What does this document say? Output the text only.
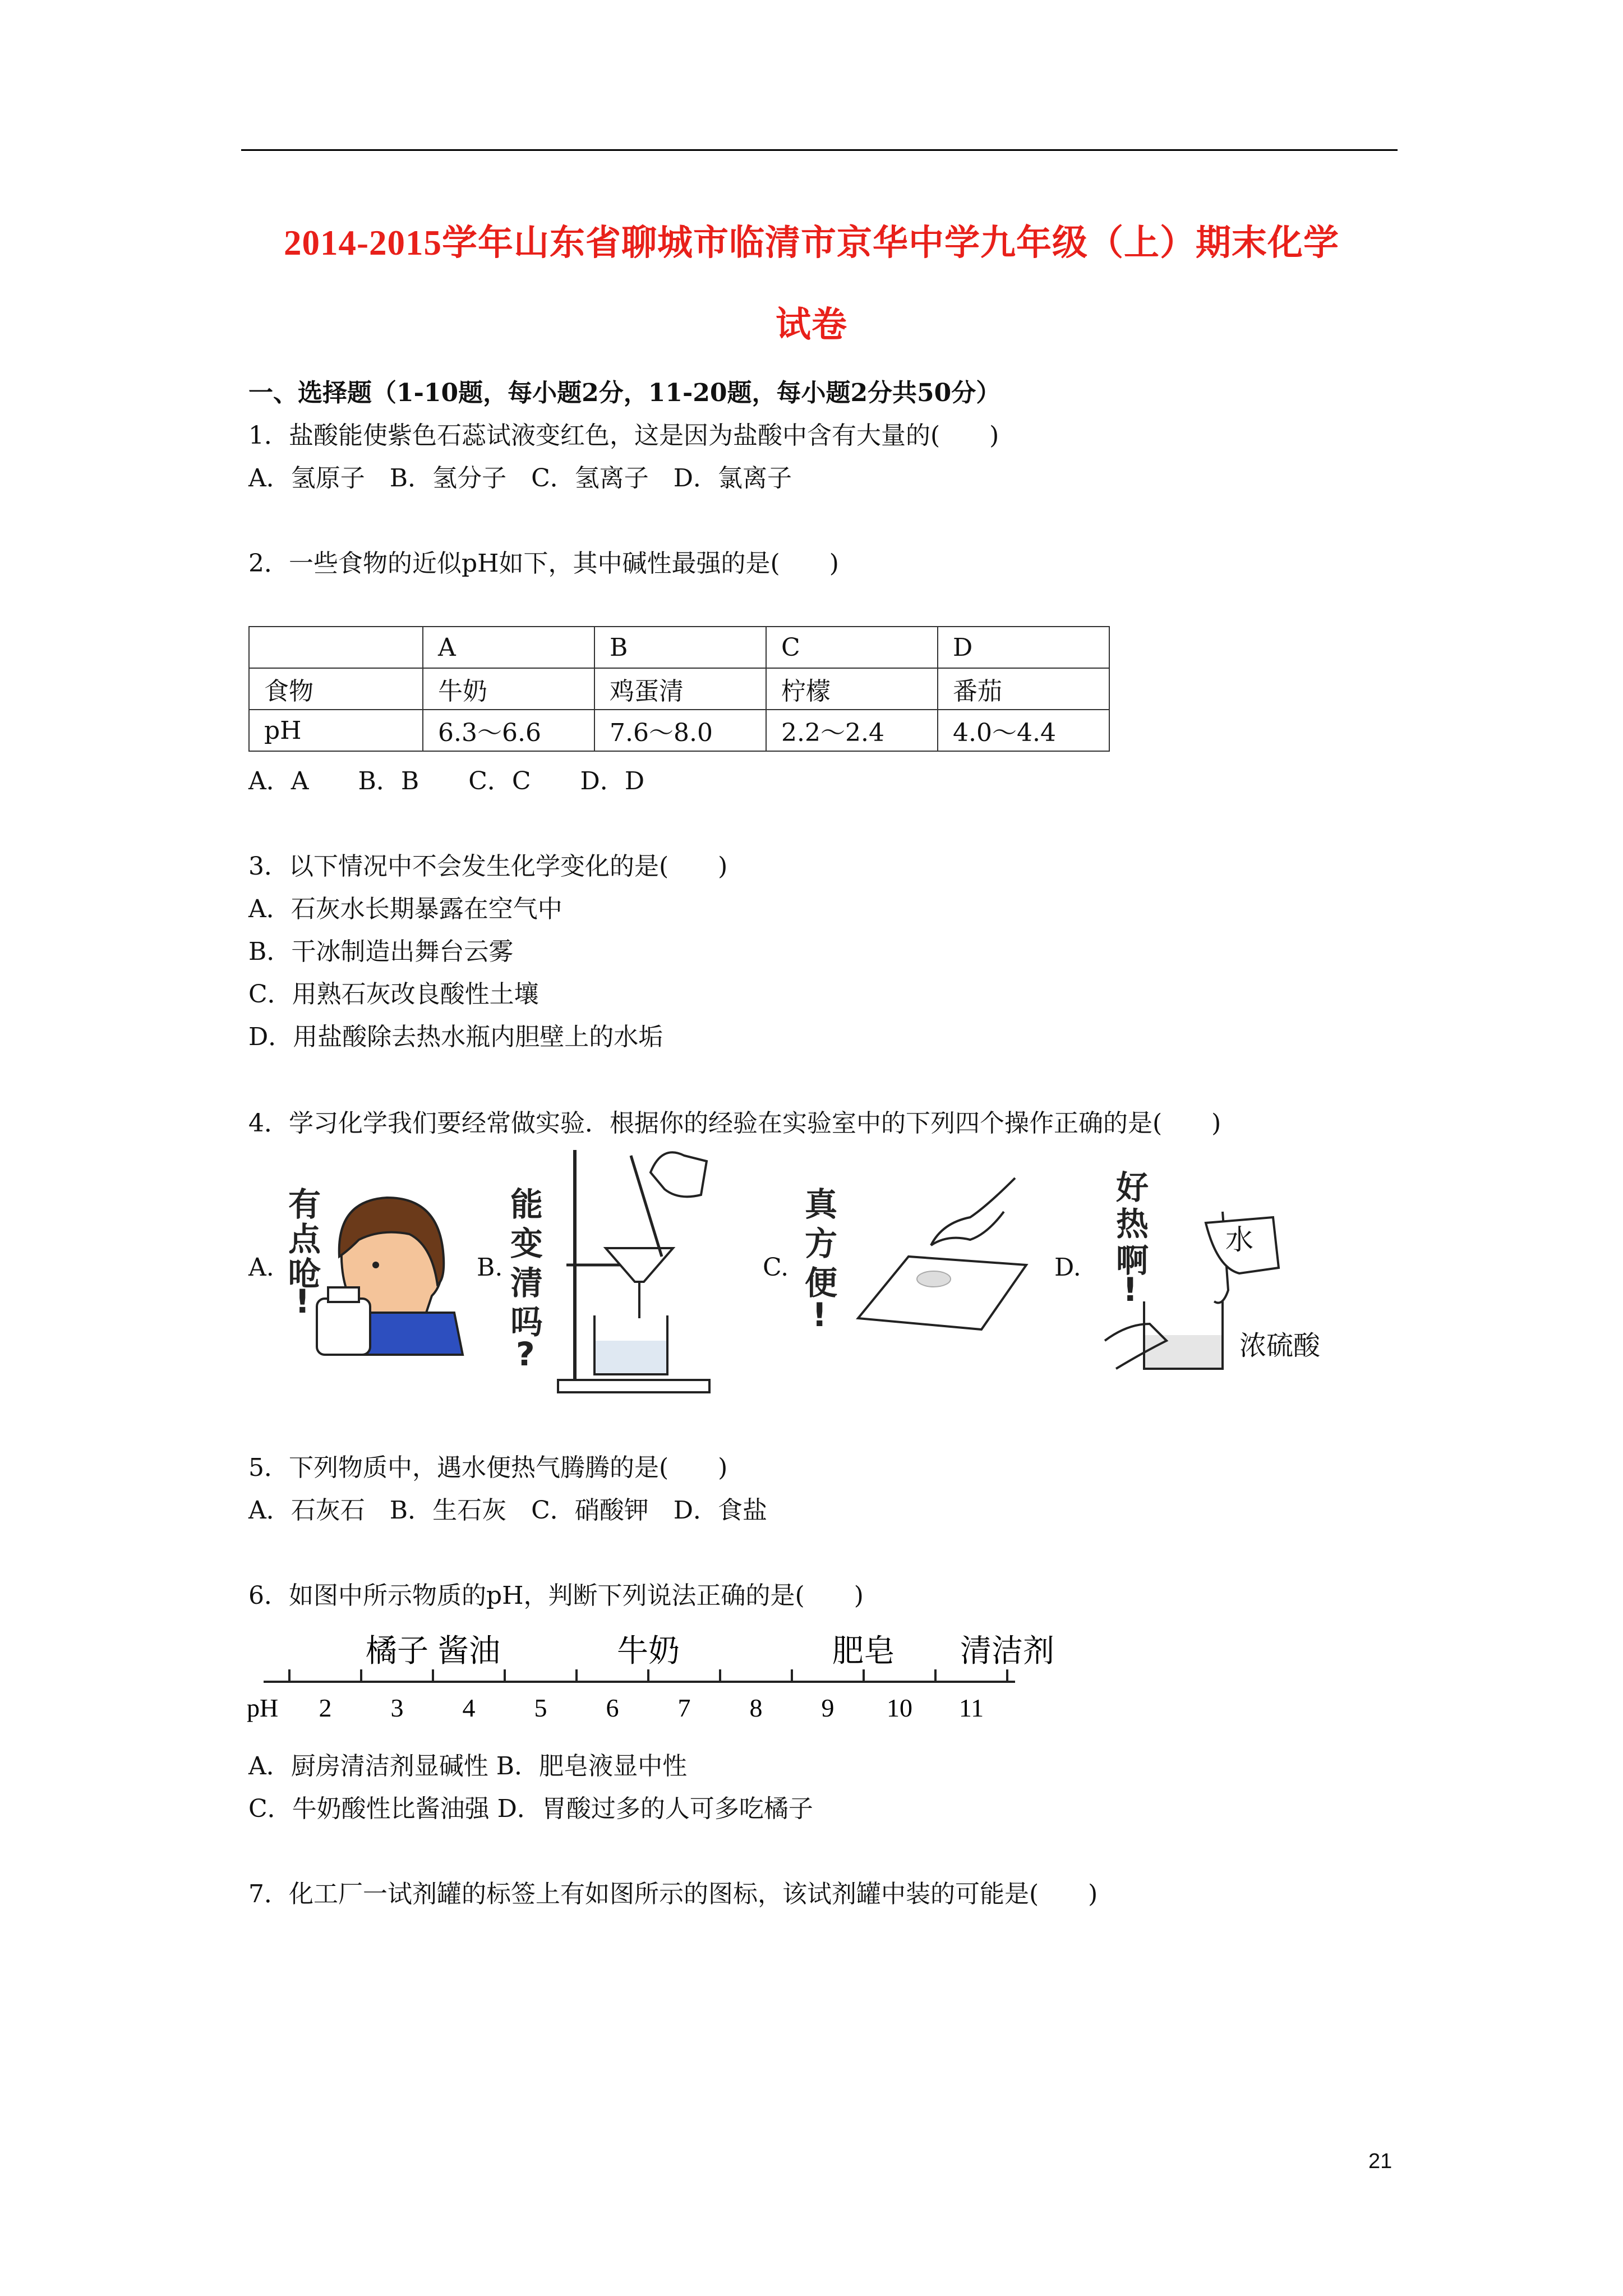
2014-2015学年山东省聊城市临清市京华中学九年级（上）期末化学
试卷
一、选择题（1-10题，每小题2分，11-20题，每小题2分共50分）
1．盐酸能使紫色石蕊试液变红色，这是因为盐酸中含有大量的(　　)
A．氢原子　B．氢分子　C．氢离子　D．氯离子
2．一些食物的近似pH如下，其中碱性最强的是(　　)
	A	B	C	D
食物	牛奶	鸡蛋清	柠檬	番茄
pH	6.3～6.6	7.6～8.0	2.2～2.4	4.0～4.4
A．A　　B．B　　C．C　　D．D
3．以下情况中不会发生化学变化的是(　　)
A．石灰水长期暴露在空气中
B．干冰制造出舞台云雾
C．用熟石灰改良酸性土壤
D．用盐酸除去热水瓶内胆壁上的水垢
4．学习化学我们要经常做实验．根据你的经验在实验室中的下列四个操作正确的是(　　)
A.	B.	C.	D.
有
点
呛
!
能
变
清
吗
?
真
方
便
!
好
热
啊
!
水
浓硫酸
5．下列物质中，遇水便热气腾腾的是(　　)
A．石灰石　B．生石灰　C．硝酸钾　D．食盐
6．如图中所示物质的pH，判断下列说法正确的是(　　)
2 3 4 5 6 7 8 9 10 11
pH
橘子 酱油	牛奶	肥皂 清洁剂
A．厨房清洁剂显碱性 B．肥皂液显中性
C．牛奶酸性比酱油强 D．胃酸过多的人可多吃橘子
7．化工厂一试剂罐的标签上有如图所示的图标，该试剂罐中装的可能是(　　)
21
